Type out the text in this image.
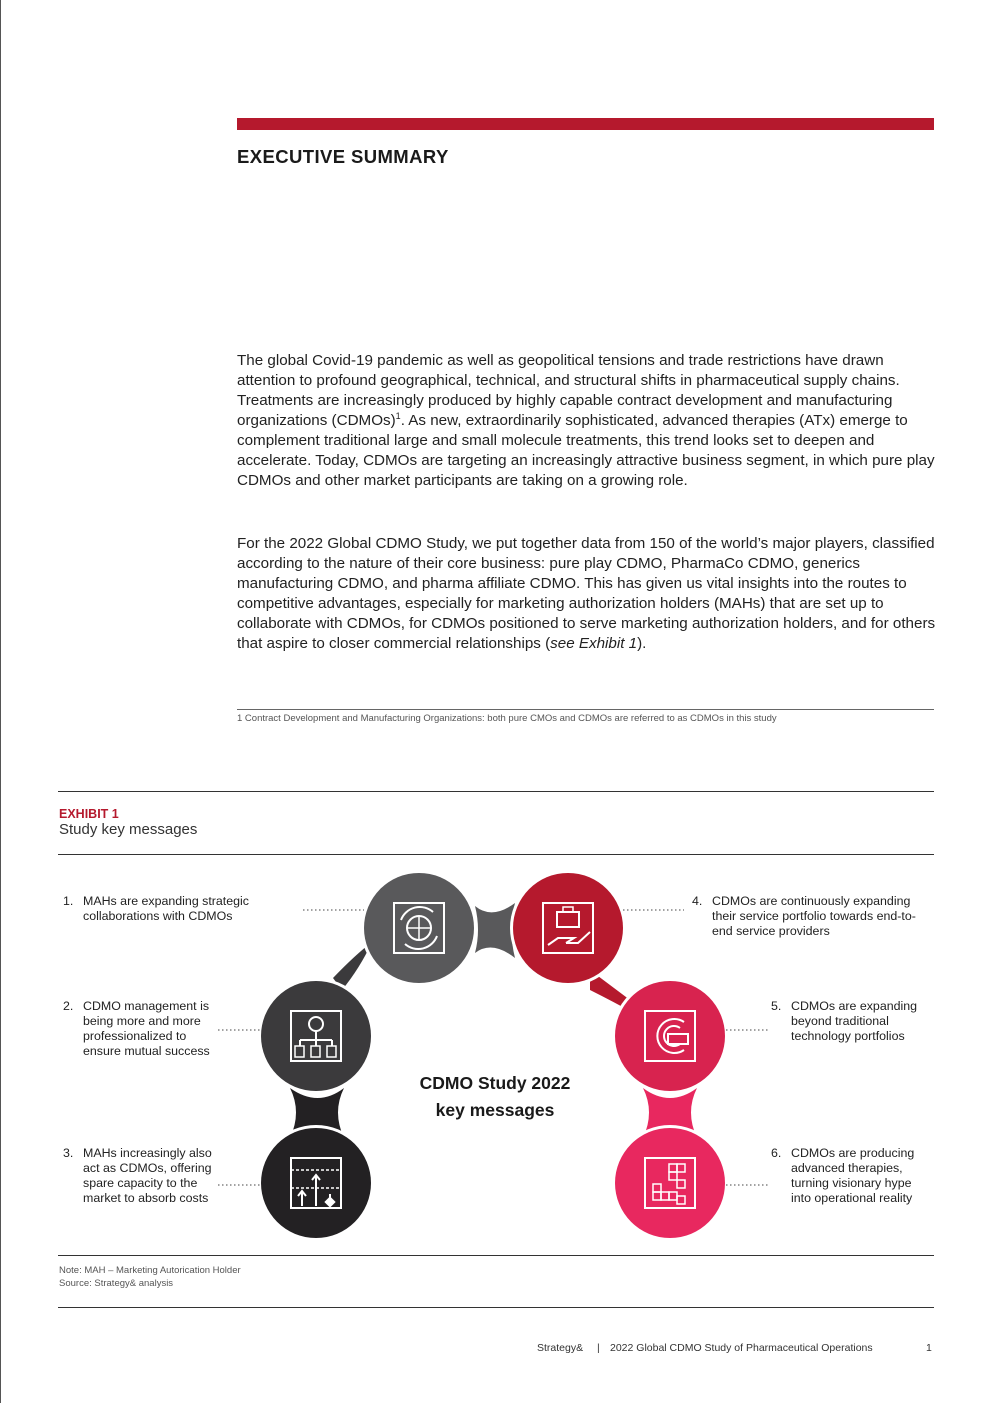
EXECUTIVE SUMMARY

The global Covid-19 pandemic as well as geopolitical tensions and trade restrictions have drawn attention to profound geographical, technical, and structural shifts in pharmaceutical supply chains. Treatments are increasingly produced by highly capable contract development and manufacturing organizations (CDMOs)$^1$. As new, extraordinarily sophisticated, advanced therapies (ATx) emerge to complement traditional large and small molecule treatments, this trend looks set to deepen and accelerate. Today, CDMOs are targeting an increasingly attractive business segment, in which pure play CDMOs and other market participants are taking on a growing role.

For the 2022 Global CDMO Study, we put together data from 150 of the world’s major players, classified according to the nature of their core business: pure play CDMO, PharmaCo CDMO, generics manufacturing CDMO, and pharma affiliate CDMO. This has given us vital insights into the routes to competitive advantages, especially for marketing authorization holders (MAHs) that are set up to collaborate with CDMOs, for CDMOs positioned to serve marketing authorization holders, and for others that aspire to closer commercial relationships (see Exhibit 1).

1 Contract Development and Manufacturing Organizations: both pure CMOs and CDMOs are referred to as CDMOs in this study
EXHIBIT 1
Study key messages
CDMO Study 2022
key messages
1. MAHs are expanding strategic collaborations with CDMOs
2. CDMO management is being more and more professionalized to ensure mutual success
3. MAHs increasingly also act as CDMOs, offering spare capacity to the market to absorb costs
4. CDMOs are continuously expanding their service portfolio towards end-to-end service providers
5. CDMOs are expanding beyond traditional technology portfolios
6. CDMOs are producing advanced therapies, turning visionary hype into operational reality
Note: MAH – Marketing Autorication Holder
Source: Strategy& analysis
Strategy& | 2022 Global CDMO Study of Pharmaceutical Operations	1
